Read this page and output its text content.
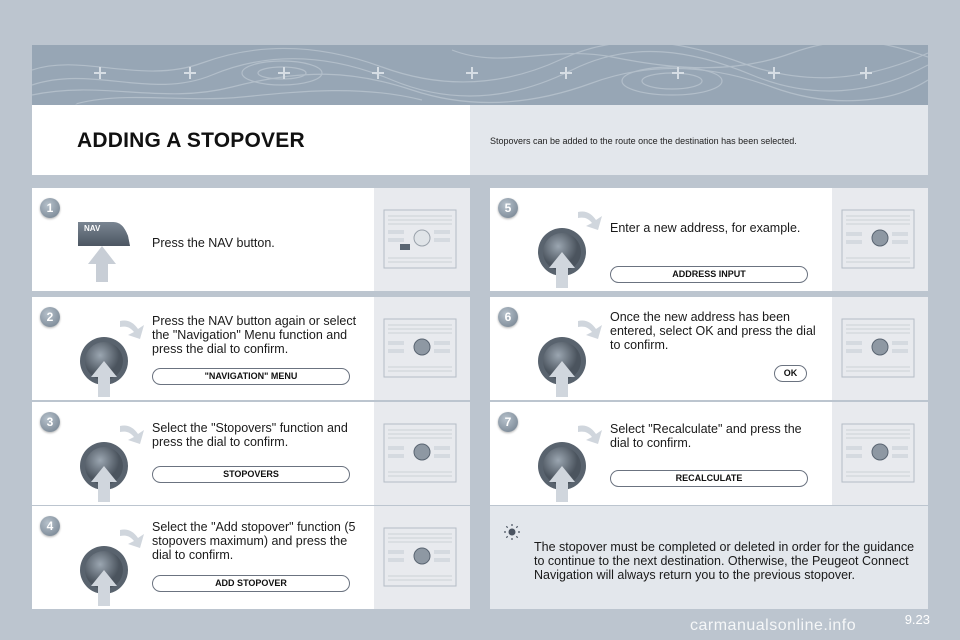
ADDING A STOPOVER	Stopovers can be added to the route once the destination has been selected.
1
NAV
Press the NAV button.
2	Press the NAV button again or select the "Navigation" Menu function and press the dial to confirm.
"NAVIGATION" MENU
3	Select the "Stopovers" function and press the dial to confirm.
STOPOVERS
4	Select the "Add stopover" function (5 stopovers maximum) and press the dial to confirm.
ADD STOPOVER
5
Enter a new address, for example.
ADDRESS INPUT
6	Once the new address has been entered, select OK and press the dial to confirm.
OK
7	Select "Recalculate" and press the dial to confirm.
RECALCULATE
The stopover must be completed or deleted in order for the guidance to continue to the next destination. Otherwise, the Peugeot Connect Navigation will always return you to the previous stopover.
9.23
carmanualsonline.info
